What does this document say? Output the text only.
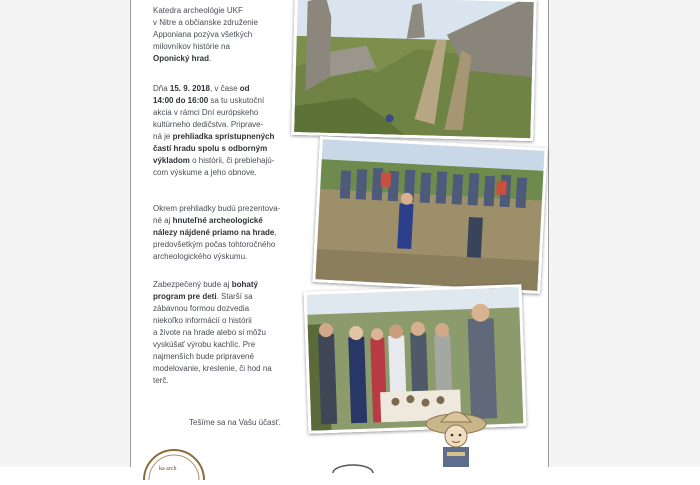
Katedra archeológie UKF
v Nitre a občianske združenie
Apponiana pozýva všetkých
milovníkov histórie na
Oponický hrad.

Dňa 15. 9. 2018, v čase od
14:00 do 16:00 sa tu uskutoční
akcia v rámci Dní európskeho
kultúrneho dedičstva. Priprave-
ná je prehliadka sprístupnených
častí hradu spolu s odborným
výkladom o histórii, či prebiehajú-
com výskume a jeho obnove.

Okrem prehliadky budú prezentova-
né aj hnuteľné archeologické
nálezy nájdené priamo na hrade,
predovšetkým počas tohtoročného
archeologického výskumu.

Zabezpečený bude aj bohatý
program pre deti. Starší sa
zábavnou formou dozvedia
niekoľko informácií o histórii
a živote na hrade alebo si môžu
vyskúšať výrobu kachlíc. Pre
najmenších bude pripravené
modelovanie, kreslenie, či hod na
terč.

Tešíme sa na Vašu účasť.
ka arch
